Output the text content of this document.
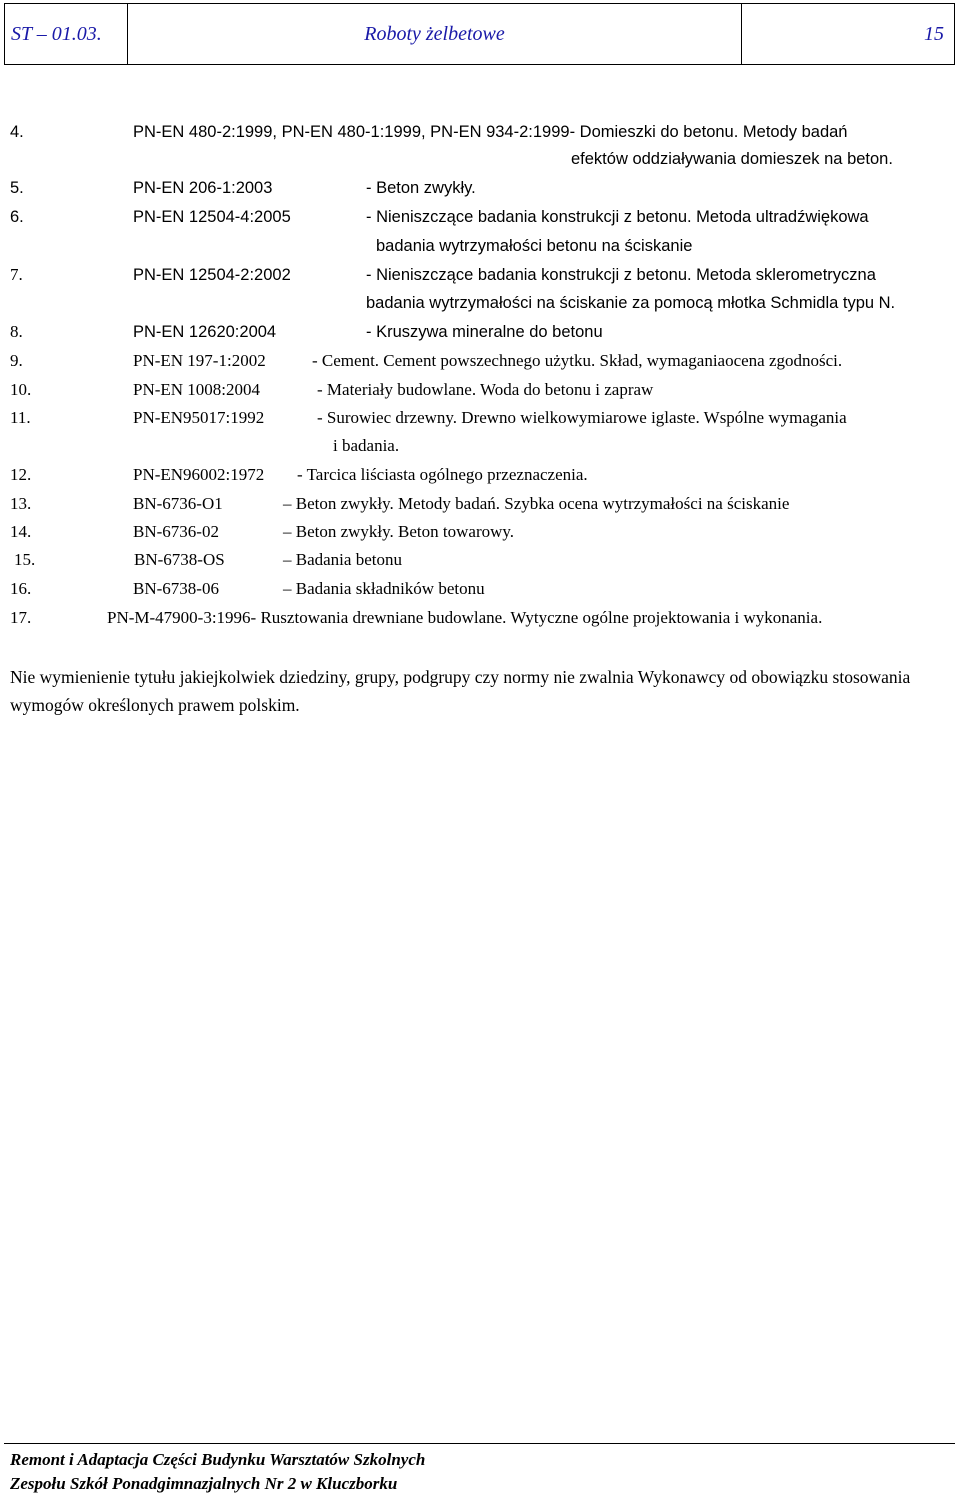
ST – 01.03.	Roboty żelbetowe	15
4.	PN-EN 480-2:1999, PN-EN 480-1:1999, PN-EN 934-2:1999- Domieszki do betonu. Metody badań
efektów oddziaływania domieszek na beton.
5.	PN-EN 206-1:2003	- Beton zwykły.
6.	PN-EN 12504-4:2005	- Nieniszczące badania konstrukcji z betonu. Metoda ultradźwiękowa
badania wytrzymałości betonu na ściskanie
7.	PN-EN 12504-2:2002	- Nieniszczące badania konstrukcji z betonu. Metoda sklerometryczna
badania wytrzymałości na ściskanie za pomocą młotka Schmidla typu N.
8.	PN-EN 12620:2004	- Kruszywa mineralne do betonu
9.	PN-EN 197-1:2002	- Cement. Cement powszechnego użytku. Skład, wymaganiaocena zgodności.
10.	PN-EN 1008:2004	- Materiały budowlane. Woda do betonu i zapraw
11.	PN-EN95017:1992	- Surowiec drzewny. Drewno wielkowymiarowe iglaste. Wspólne wymagania
i badania.
12.	PN-EN96002:1972 - Tarcica liściasta ogólnego przeznaczenia.
13.	BN-6736-O1	– Beton zwykły. Metody badań. Szybka ocena wytrzymałości na ściskanie
14.	BN-6736-02	– Beton zwykły. Beton towarowy.
15.	BN-6738-OS	– Badania betonu
16.	BN-6738-06	– Badania składników betonu
17.	PN-M-47900-3:1996- Rusztowania drewniane budowlane. Wytyczne ogólne projektowania i wykonania.
Nie wymienienie tytułu jakiejkolwiek dziedziny, grupy, podgrupy czy normy nie zwalnia Wykonawcy od obowiązku stosowania wymogów określonych prawem polskim.
Remont i Adaptacja Części Budynku Warsztatów Szkolnych
Zespołu Szkół Ponadgimnazjalnych Nr 2 w Kluczborku
